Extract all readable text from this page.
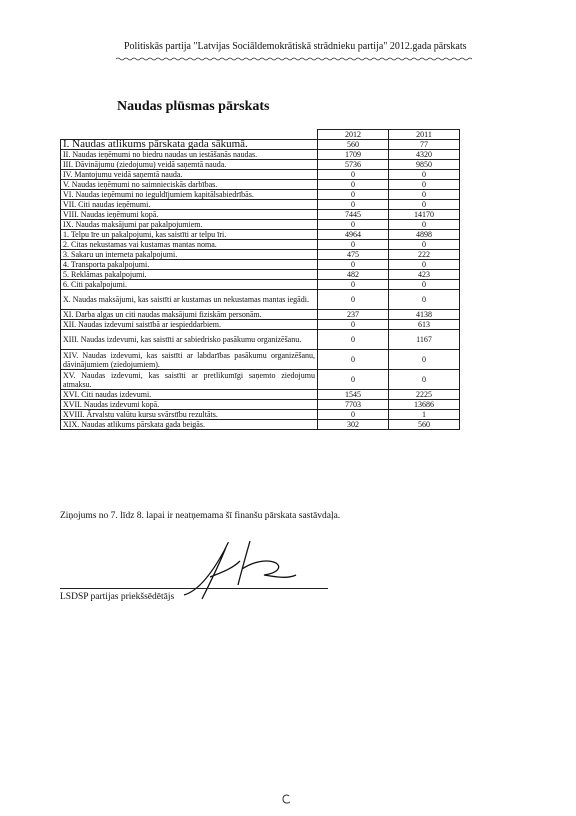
Politiskās partija "Latvijas Sociāldemokrātiskā strādnieku partija" 2012.gada pārskats
Naudas plūsmas pārskats
	2012	2011
I. Naudas atlikums pārskata gada sākumā.	560	77
II. Naudas ieņēmumi no biedru naudas un iestāšanās naudas.	1709	4320
III. Dāvinājumu (ziedojumu) veidā saņemtā nauda.	5736	9850
IV. Mantojumu veidā saņemtā nauda.	0	0
V. Naudas ieņēmumi no saimnieciskās darbības.	0	0
VI. Naudas ieņēmumi no ieguldījumiem kapitālsabiedrībās.	0	0
VII. Citi naudas ieņēmumi.	0	0
VIII. Naudas ieņēmumi kopā.	7445	14170
IX. Naudas maksājumi par pakalpojumiem.	0	0
1. Telpu īre un pakalpojumi, kas saistīti ar telpu īri.	4964	4898
2. Citas nekustamas vai kustamas mantas noma.	0	0
3. Sakaru un interneta pakalpojumi.	475	222
4. Transporta pakalpojumi.	0	0
5. Reklāmas pakalpojumi.	482	423
6. Citi pakalpojumi.	0	0
X. Naudas maksājumi, kas saistīti ar kustamas un nekustamas mantas iegādi.	0	0
XI. Darba algas un citi naudas maksājumi fiziskām personām.	237	4138
XII. Naudas izdevumi saistībā ar iespieddarbiem.	0	613
XIII. Naudas izdevumi, kas saistīti ar sabiedrisko pasākumu organizēšanu.	0	1167
XIV. Naudas izdevumi, kas saistīti ar labdarības pasākumu organizēšanu, dāvinājumiem (ziedojumiem).	0	0
XV. Naudas izdevumi, kas saistīti ar pretlikumīgi saņemto ziedojumu atmaksu.	0	0
XVI. Citi naudas izdevumi.	1545	2225
XVII. Naudas izdevumi kopā.	7703	13686
XVIII. Ārvalstu valūtu kursu svārstību rezultāts.	0	1
XIX. Naudas atlikums pārskata gada beigās.	302	560
Ziņojums no 7. līdz 8. lapai ir neatņemama šī finanšu pārskata sastāvdaļa.
LSDSP partijas priekšsēdētājs
